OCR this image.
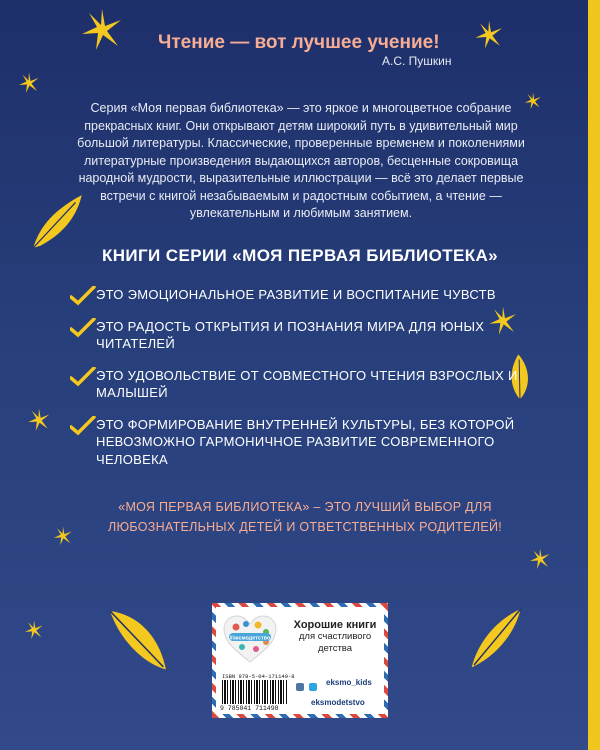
Чтение — вот лучшее учение!
А.С. Пушкин

Серия «Моя первая библиотека» — это яркое и многоцветное собрание прекрасных книг. Они открывают детям широкий путь в удивительный мир большой литературы. Классические, проверенные временем и поколениями литературные произведения выдающихся авторов, бесценные сокровища народной мудрости, выразительные иллюстрации — всё это делает первые встречи с книгой незабываемым и радостным событием, а чтение — увлекательным и любимым занятием.

КНИГИ СЕРИИ «МОЯ ПЕРВАЯ БИБЛИОТЕКА»
ЭТО ЭМОЦИОНАЛЬНОЕ РАЗВИТИЕ И ВОСПИТАНИЕ ЧУВСТВ
ЭТО РАДОСТЬ ОТКРЫТИЯ И ПОЗНАНИЯ МИРА ДЛЯ ЮНЫХ ЧИТАТЕЛЕЙ
ЭТО УДОВОЛЬСТВИЕ ОТ СОВМЕСТНОГО ЧТЕНИЯ ВЗРОСЛЫХ И МАЛЫШЕЙ
ЭТО ФОРМИРОВАНИЕ ВНУТРЕННЕЙ КУЛЬТУРЫ, БЕЗ КОТОРОЙ НЕВОЗМОЖНО ГАРМОНИЧНОЕ РАЗВИТИЕ СОВРЕМЕННОГО ЧЕЛОВЕКА

«МОЯ ПЕРВАЯ БИБЛИОТЕКА» – ЭТО ЛУЧШИЙ ВЫБОР ДЛЯ ЛЮБОЗНАТЕЛЬНЫХ ДЕТЕЙ И ОТВЕТСТВЕННЫХ РОДИТЕЛЕЙ!

#эксмодетство

Хорошие книги
для счастливого детства

ISBN 978-5-04-171149-8
9 785041 711498

eksmo_kids
eksmodetstvo
